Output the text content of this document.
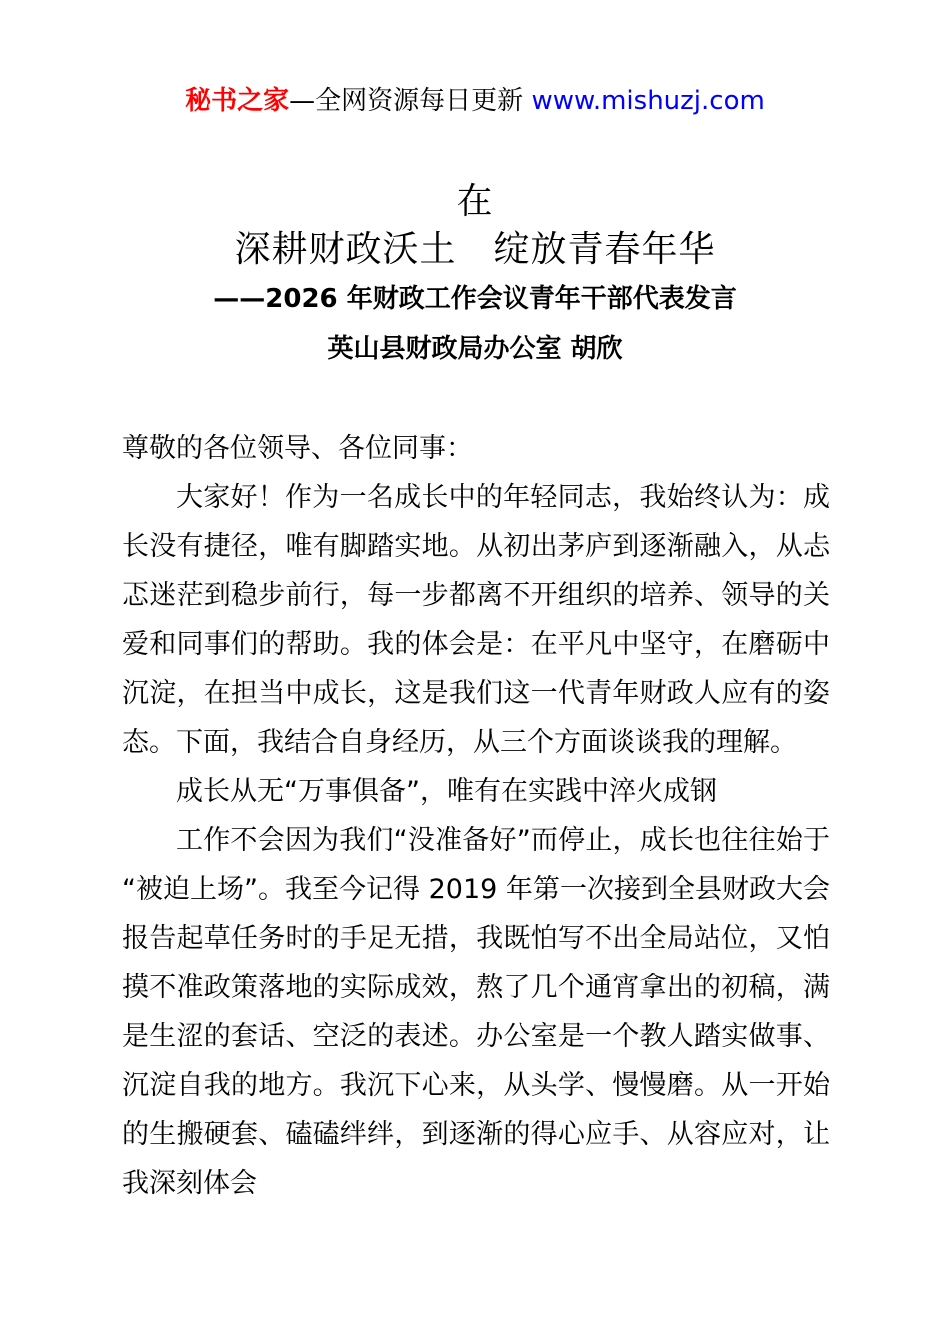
秘书之家—全网资源每日更新 www.mishuzj.com
在
深耕财政沃土　绽放青春年华
——2026 年财政工作会议青年干部代表发言
英山县财政局办公室 胡欣

尊敬的各位领导、各位同事：

大家好！作为一名成长中的年轻同志，我始终认为：成长没有捷径，唯有脚踏实地。从初出茅庐到逐渐融入，从忐忑迷茫到稳步前行，每一步都离不开组织的培养、领导的关爱和同事们的帮助。我的体会是：在平凡中坚守，在磨砺中沉淀，在担当中成长，这是我们这一代青年财政人应有的姿态。下面，我结合自身经历，从三个方面谈谈我的理解。

成长从无“万事俱备”，唯有在实践中淬火成钢

工作不会因为我们“没准备好”而停止，成长也往往始于“被迫上场”。我至今记得 2019 年第一次接到全县财政大会报告起草任务时的手足无措，我既怕写不出全局站位，又怕摸不准政策落地的实际成效，熬了几个通宵拿出的初稿，满是生涩的套话、空泛的表述。办公室是一个教人踏实做事、沉淀自我的地方。我沉下心来，从头学、慢慢磨。从一开始的生搬硬套、磕磕绊绊，到逐渐的得心应手、从容应对，让我深刻体会
